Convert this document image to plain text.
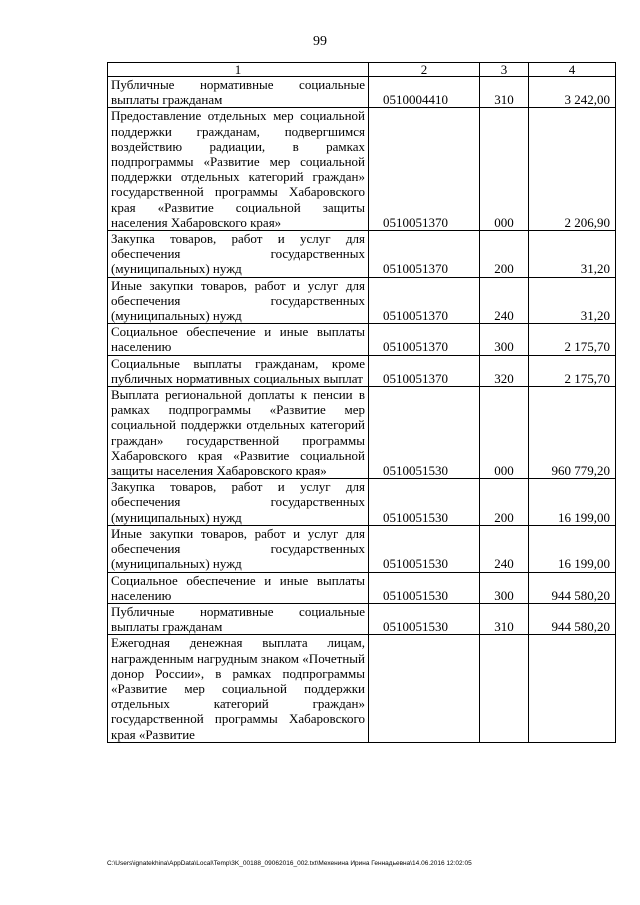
99
1	2	3	4

Публичные нормативные социальные выплаты гражданам	0510004410	310	3 242,00

Предоставление отдельных мер социальной поддержки гражданам, подвергшимся воздействию радиации, в рамках подпрограммы «Развитие мер социальной поддержки отдельных категорий граждан» государственной программы Хабаровского края «Развитие социальной защиты населения Хабаровского края»	0510051370	000	2 206,90

Закупка товаров, работ и услуг для обеспечения государственных (муниципальных) нужд	0510051370	200	31,20

Иные закупки товаров, работ и услуг для обеспечения государственных (муниципальных) нужд	0510051370	240	31,20

Социальное обеспечение и иные выплаты населению	0510051370	300	2 175,70

Социальные выплаты гражданам, кроме публичных нормативных социальных выплат	0510051370	320	2 175,70

Выплата региональной доплаты к пенсии в рамках подпрограммы «Развитие мер социальной поддержки отдельных категорий граждан» государственной программы Хабаровского края «Развитие социальной защиты населения Хабаровского края»	0510051530	000	960 779,20

Закупка товаров, работ и услуг для обеспечения государственных (муниципальных) нужд	0510051530	200	16 199,00

Иные закупки товаров, работ и услуг для обеспечения государственных (муниципальных) нужд	0510051530	240	16 199,00

Социальное обеспечение и иные выплаты населению	0510051530	300	944 580,20

Публичные нормативные социальные выплаты гражданам	0510051530	310	944 580,20

Ежегодная денежная выплата лицам, награжденным нагрудным знаком «Почетный донор России», в рамках подпрограммы «Развитие мер социальной поддержки отдельных категорий граждан» государственной программы Хабаровского края «Развитие			

C:\Users\ignatekhina\AppData\Local\Temp\3K_00188_09062016_002.txt\Мехенина Ирина Геннадьевна\14.06.2016 12:02:05
